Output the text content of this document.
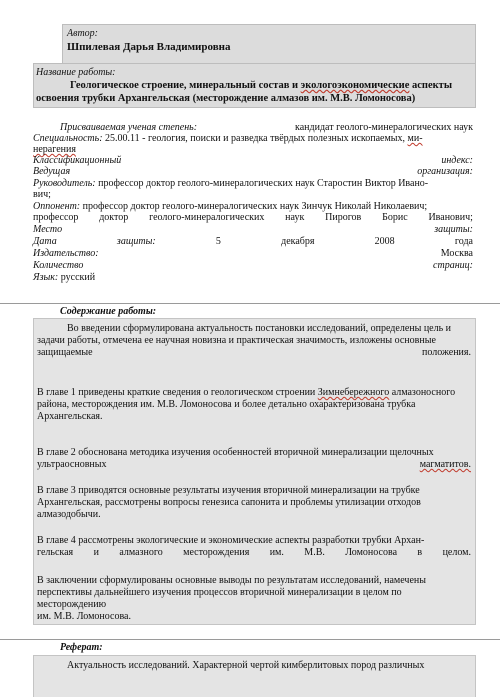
Автор:
Шпилевая Дарья Владимировна
Название работы:
Геологическое строение, минеральный состав и экологоэкономические аспекты освоения трубки Архангельская (месторождение алмазов им. М.В. Ломоносова)
Присваиваемая ученая степень:	кандидат геолого-минералогических наук
Специальность: 25.00.11 - геология, поиски и разведка твёрдых полезных ископаемых, ми-
нерагения
Классификационный	индекс:
Ведущая	организация:
Руководитель: профессор доктор геолого-минералогических наук Старостин Виктор Ивано-
вич;
Оппонент: профессор доктор геолого-минералогических наук Зинчук Николай Николаевич;
профессор доктор геолого-минералогических наук Пирогов Борис Иванович;
Место	защиты:
Дата	защиты:	5	декабря	2008	года
Издательство:	Москва
Количество	страниц:
Язык: русский
Содержание работы:
Во введении сформулирована актуальность постановки исследований, определены цель и задачи работы, отмечена ее научная новизна и практическая значимость, изложены основные
защищаемые	положения.
В главе 1 приведены краткие сведения о геологическом строении Зимнебережного алмазоносного района, месторождения им. М.В. Ломоносова и более детально охарактеризована трубка
Архангельская.
В главе 2 обоснована методика изучения особенностей вторичной минерализации щелочных
ультраосновных	магматитов.
В главе 3 приводятся основные результаты изучения вторичной минерализации на трубке Архангельская, рассмотрены вопросы генезиса сапонита и проблемы утилизации отходов алмазодобычи.
В главе 4 рассмотрены экологические и экономические аспекты разработки трубки Архан-
гельская и алмазного месторождения им. М.В. Ломоносова в целом.
В заключении сформулированы основные выводы по результатам исследований, намечены перспективы дальнейшего изучения процессов вторичной минерализации в целом по месторождению
им. М.В. Ломоносова.
Реферат:
Актуальность исследований. Характерной чертой кимберлитовых пород различных
